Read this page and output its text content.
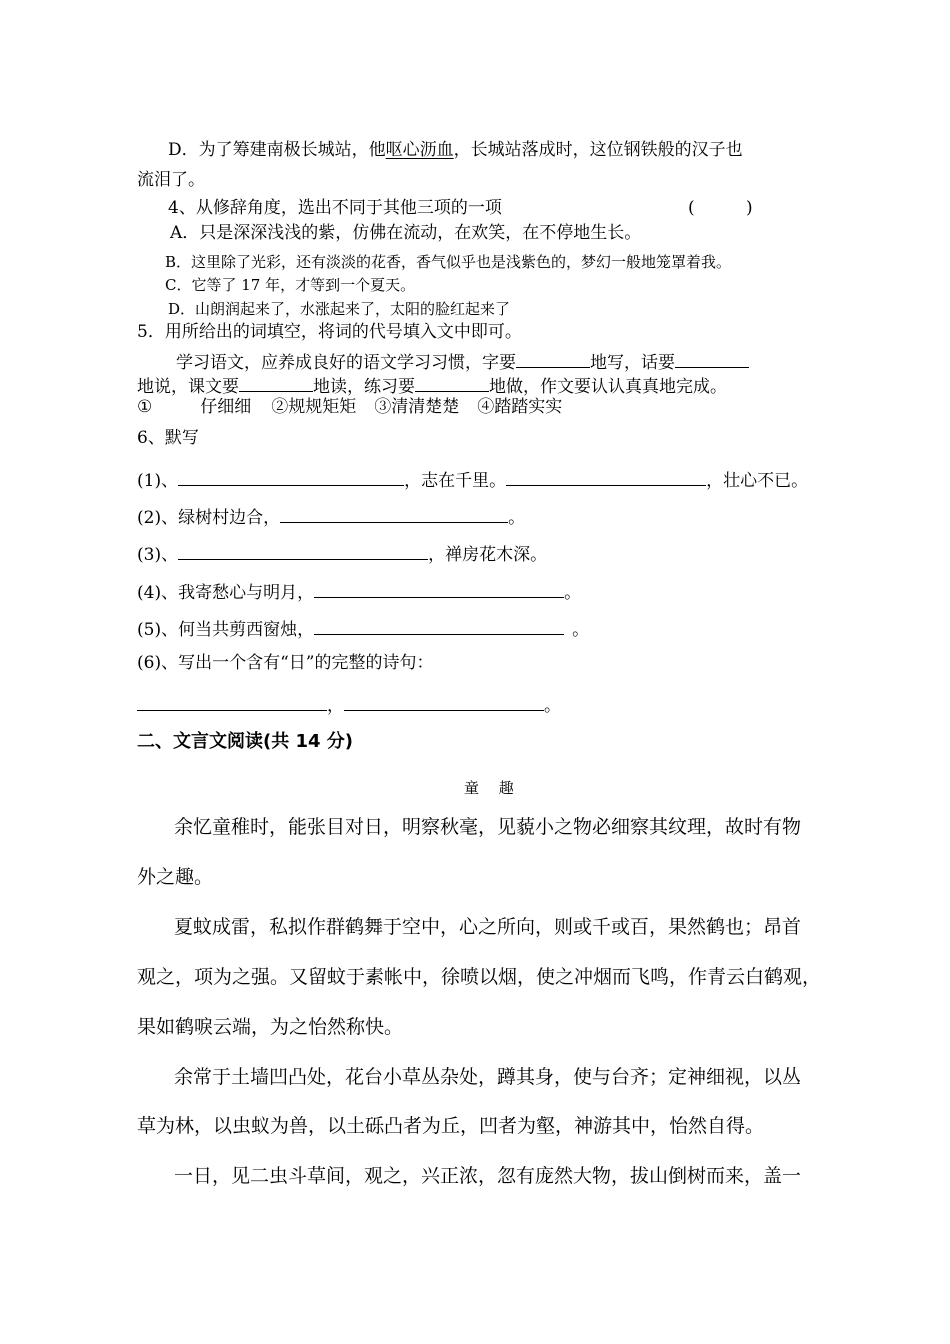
D．为了筹建南极长城站，他呕心沥血，长城站落成时，这位钢铁般的汉子也
流泪了。
4、从修辞角度，选出不同于其他三项的一项	(	)
A．只是深深浅浅的紫，仿佛在流动，在欢笑，在不停地生长。
B．这里除了光彩，还有淡淡的花香，香气似乎也是浅紫色的，梦幻一般地笼罩着我。
C．它等了 17 年，才等到一个夏天。
D．山朗润起来了，水涨起来了，太阳的脸红起来了
5．用所给出的词填空，将词的代号填入文中即可。
学习语文，应养成良好的语文学习习惯，字要	地写，话要
地说，课文要	地读，练习要	地做，作文要认认真真地完成。
①	仔细细 ②规规矩矩 ③清清楚楚 ④踏踏实实
6、默写
(1)、	，志在千里。	，壮心不已。
(2)、绿树村边合，	。
(3)、	，禅房花木深。
(4)、我寄愁心与明月，	。
(5)、何当共剪西窗烛，	。
(6)、写出一个含有“日”的完整的诗句：
，	。
二、文言文阅读(共 14 分)
童　 趣
余忆童稚时，能张目对日，明察秋毫，见藐小之物必细察其纹理，故时有物
外之趣。
夏蚊成雷，私拟作群鹤舞于空中，心之所向，则或千或百，果然鹤也；昂首
观之，项为之强。又留蚊于素帐中，徐喷以烟，使之冲烟而飞鸣，作青云白鹤观，
果如鹤唳云端，为之怡然称快。
余常于土墙凹凸处，花台小草丛杂处，蹲其身，使与台齐；定神细视，以丛
草为林，以虫蚁为兽，以土砾凸者为丘，凹者为壑，神游其中，怡然自得。
一日，见二虫斗草间，观之，兴正浓，忽有庞然大物，拔山倒树而来，盖一
